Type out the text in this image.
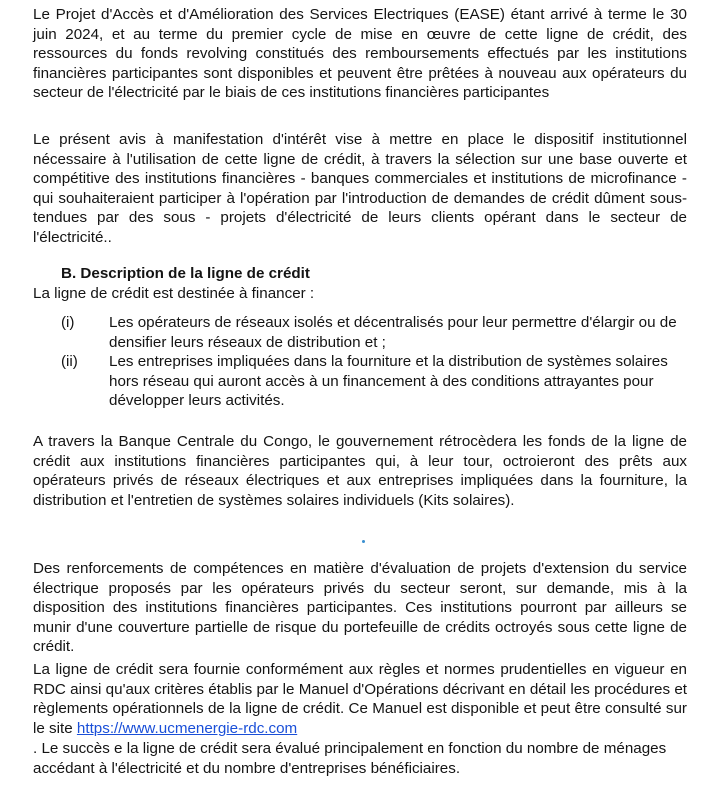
Le Projet d'Accès et d'Amélioration des Services Electriques (EASE) étant arrivé à terme le 30 juin 2024, et au terme du premier cycle de mise en œuvre de cette ligne de crédit, des ressources du fonds revolving constitués des remboursements effectués par les institutions financières participantes sont disponibles et peuvent être prêtées à nouveau aux opérateurs du secteur de l'électricité par le biais de ces institutions financières participantes

Le présent avis à manifestation d'intérêt vise à mettre en place le dispositif institutionnel nécessaire à l'utilisation de cette ligne de crédit, à travers la sélection sur une base ouverte et compétitive des institutions financières - banques commerciales et institutions de microfinance - qui souhaiteraient participer à l'opération par l'introduction de demandes de crédit dûment sous-tendues par des sous - projets d'électricité de leurs clients opérant dans le secteur de l'électricité..

B. Description de la ligne de crédit

La ligne de crédit est destinée à financer :

(i) Les opérateurs de réseaux isolés et décentralisés pour leur permettre d'élargir ou de densifier leurs réseaux de distribution et ;
(ii) Les entreprises impliquées dans la fourniture et la distribution de systèmes solaires hors réseau qui auront accès à un financement à des conditions attrayantes pour développer leurs activités.

A travers la Banque Centrale du Congo, le gouvernement rétrocèdera les fonds de la ligne de crédit aux institutions financières participantes qui, à leur tour, octroieront des prêts aux opérateurs privés de réseaux électriques et aux entreprises impliquées dans la fourniture, la distribution et l'entretien de systèmes solaires individuels (Kits solaires).

Des renforcements de compétences en matière d'évaluation de projets d'extension du service électrique proposés par les opérateurs privés du secteur seront, sur demande, mis à la disposition des institutions financières participantes. Ces institutions pourront par ailleurs se munir d'une couverture partielle de risque du portefeuille de crédits octroyés sous cette ligne de crédit.

La ligne de crédit sera fournie conformément aux règles et normes prudentielles en vigueur en RDC ainsi qu'aux critères établis par le Manuel d'Opérations décrivant en détail les procédures et règlements opérationnels de la ligne de crédit. Ce Manuel est disponible et peut être consulté sur le site https://www.ucmenergie-rdc.com

. Le succès e la ligne de crédit sera évalué principalement en fonction du nombre de ménages accédant à l'électricité et du nombre d'entreprises bénéficiaires.
